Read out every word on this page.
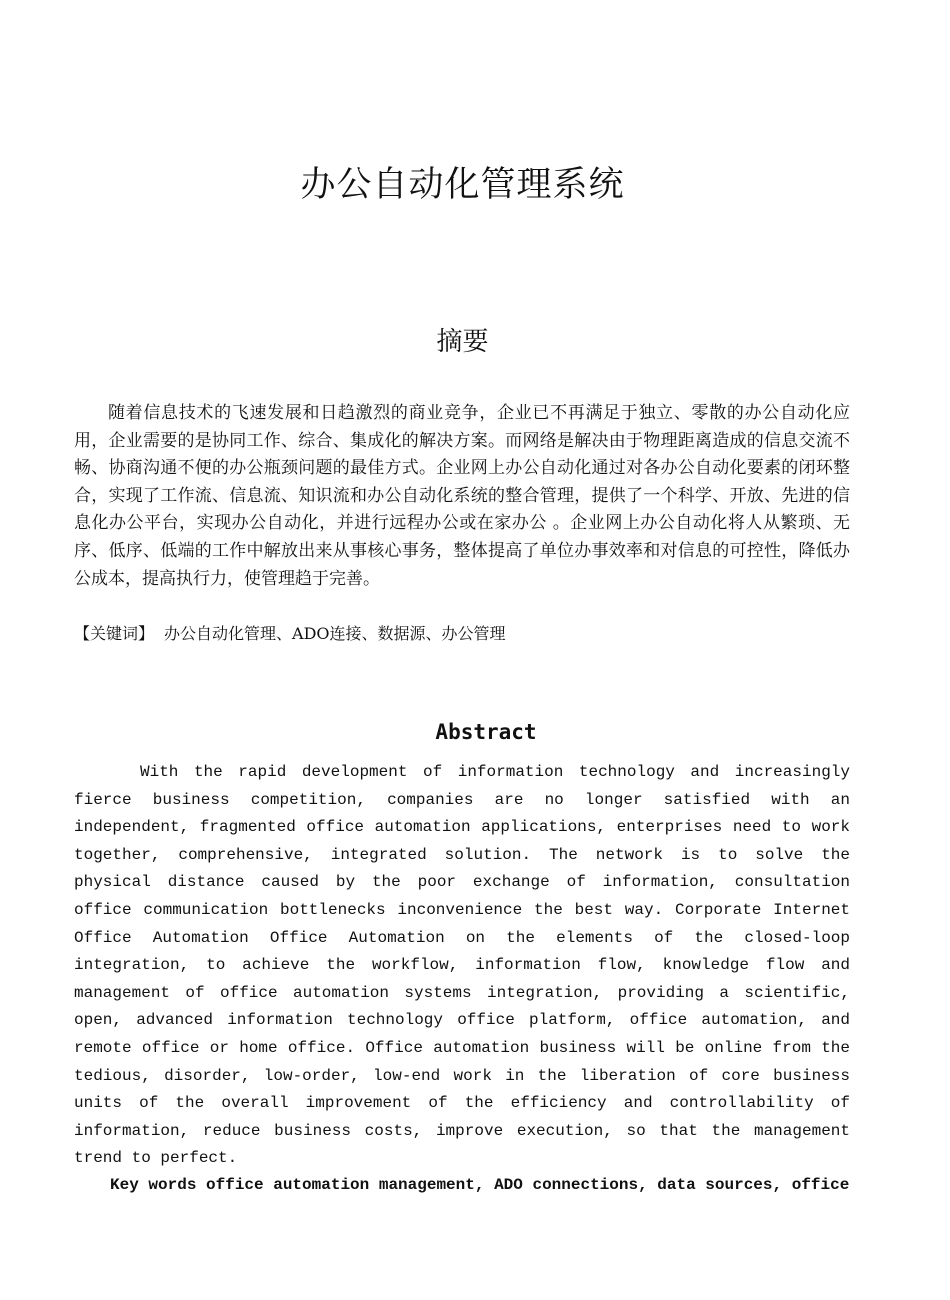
办公自动化管理系统
摘要

随着信息技术的飞速发展和日趋激烈的商业竞争，企业已不再满足于独立、零散的办公自动化应用，企业需要的是协同工作、综合、集成化的解决方案。而网络是解决由于物理距离造成的信息交流不畅、协商沟通不便的办公瓶颈问题的最佳方式。企业网上办公自动化通过对各办公自动化要素的闭环整合，实现了工作流、信息流、知识流和办公自动化系统的整合管理，提供了一个科学、开放、先进的信息化办公平台，实现办公自动化，并进行远程办公或在家办公 。企业网上办公自动化将人从繁琐、无序、低序、低端的工作中解放出来从事核心事务，整体提高了单位办事效率和对信息的可控性，降低办公成本，提高执行力，使管理趋于完善。

【关键词】 办公自动化管理、ADO连接、数据源、办公管理

Abstract

With the rapid development of information technology and increasingly fierce business competition, companies are no longer satisfied with an independent, fragmented office automation applications, enterprises need to work together, comprehensive, integrated solution. The network is to solve the physical distance caused by the poor exchange of information, consultation office communication bottlenecks inconvenience the best way. Corporate Internet Office Automation Office Automation on the elements of the closed-loop integration, to achieve the workflow, information flow, knowledge flow and management of office automation systems integration, providing a scientific, open, advanced information technology office platform, office automation, and remote office or home office. Office automation business will be online from the tedious, disorder, low-order, low-end work in the liberation of core business units of the overall improvement of the efficiency and controllability of information, reduce business costs, improve execution, so that the management trend to perfect.

Key words office automation management, ADO connections, data sources, office
